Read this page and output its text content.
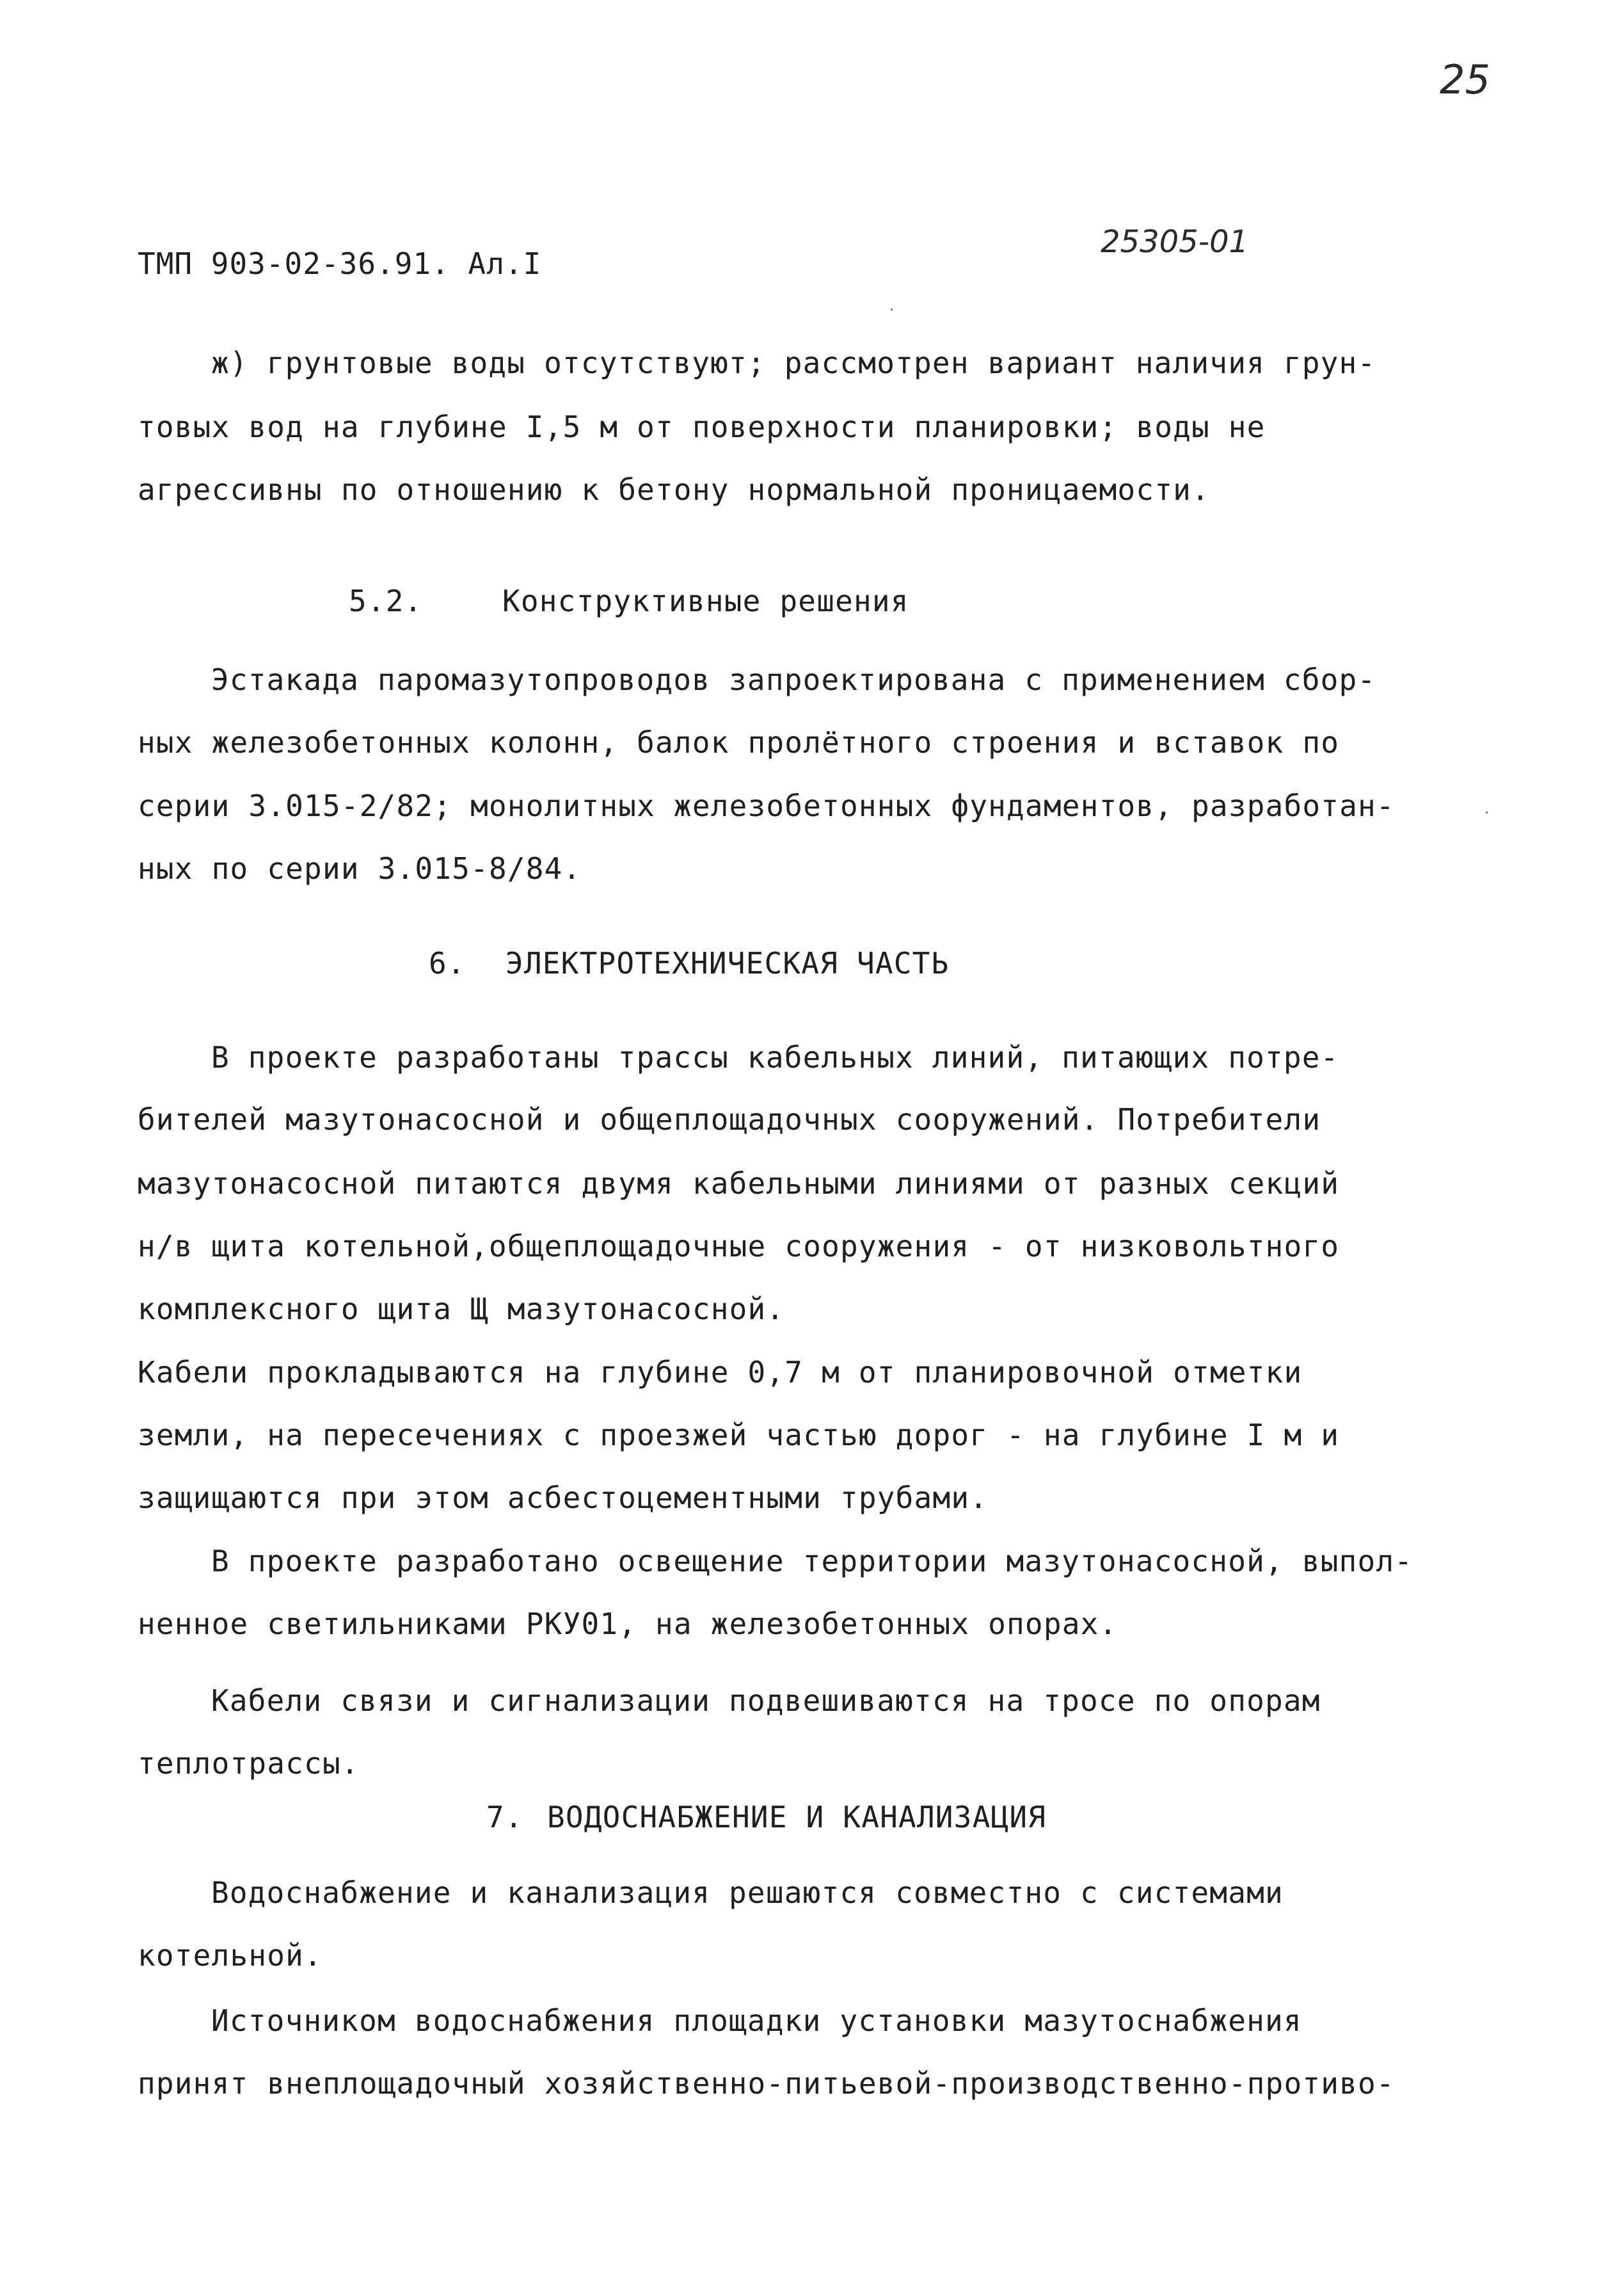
25
25305-01
ТМП 903-02-36.91. Ал.I
ж) грунтовые воды отсутствуют; рассмотрен вариант наличия грун-
товых вод на глубине I,5 м от поверхности планировки; воды не
агрессивны по отношению к бетону нормальной проницаемости.
5.2.	Конструктивные решения
Эстакада паромазутопроводов запроектирована с применением сбор-
ных железобетонных колонн, балок пролётного строения и вставок по
серии 3.015-2/82; монолитных железобетонных фундаментов, разработан-
ных по серии 3.015-8/84.
6. ЭЛЕКТРОТЕХНИЧЕСКАЯ ЧАСТЬ
В проекте разработаны трассы кабельных линий, питающих потре-
бителей мазутонасосной и общеплощадочных сооружений. Потребители
мазутонасосной питаются двумя кабельными линиями от разных секций
н/в щита котельной,общеплощадочные сооружения - от низковольтного
комплексного щита Щ мазутонасосной.
Кабели прокладываются на глубине 0,7 м от планировочной отметки
земли, на пересечениях с проезжей частью дорог - на глубине I м и
защищаются при этом асбестоцементными трубами.
В проекте разработано освещение территории мазутонасосной, выпол-
ненное светильниками РКУ01, на железобетонных опорах.
Кабели связи и сигнализации подвешиваются на тросе по опорам
теплотрассы.
7. ВОДОСНАБЖЕНИЕ И КАНАЛИЗАЦИЯ
Водоснабжение и канализация решаются совместно с системами
котельной.
Источником водоснабжения площадки установки мазутоснабжения
принят внеплощадочный хозяйственно-питьевой-производственно-противо-
